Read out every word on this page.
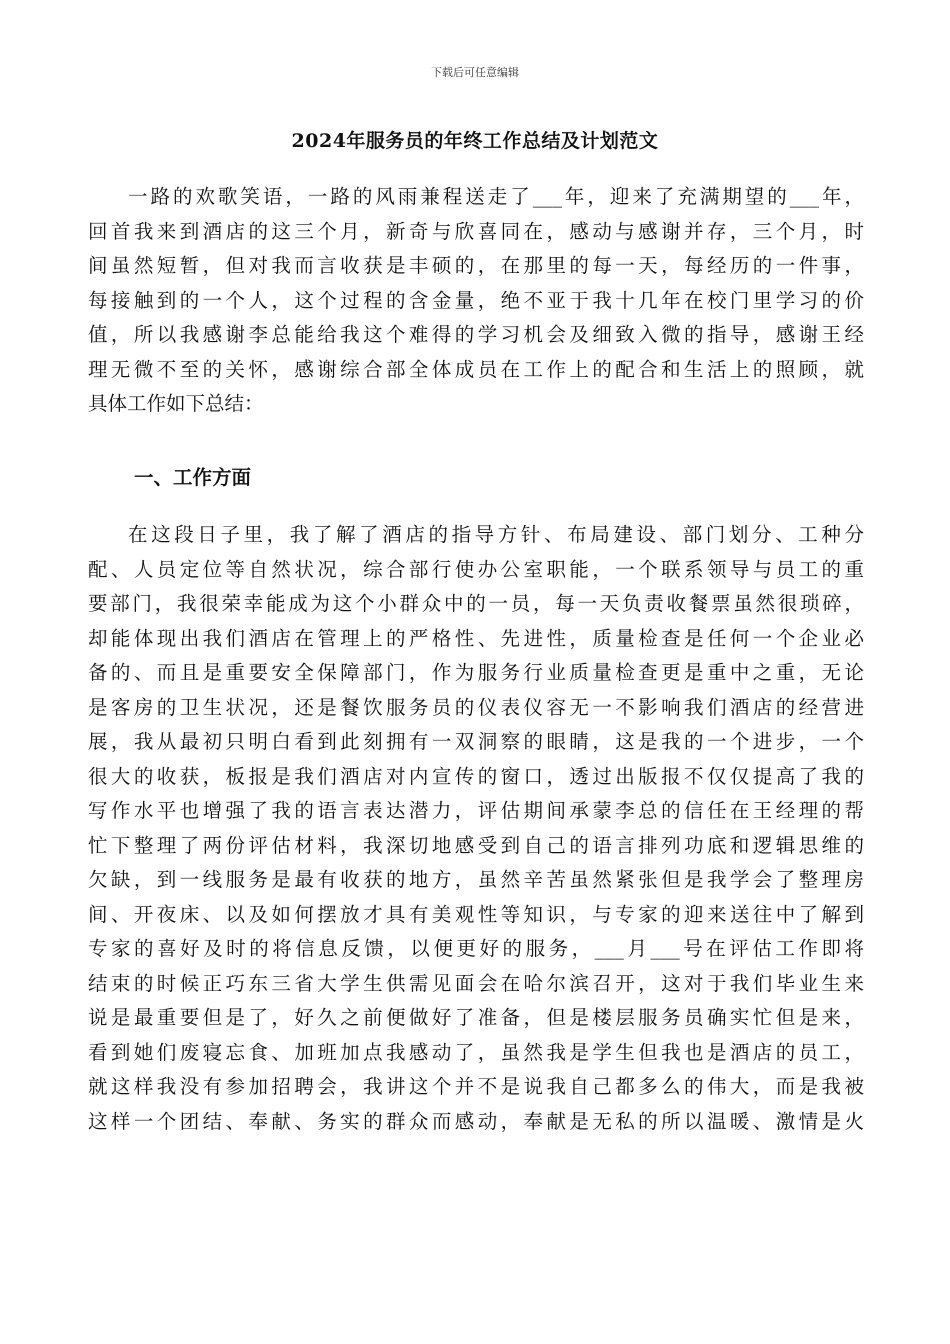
下载后可任意编辑
2024年服务员的年终工作总结及计划范文
一路的欢歌笑语，一路的风雨兼程送走了___年，迎来了充满期望的___年，
回首我来到酒店的这三个月，新奇与欣喜同在，感动与感谢并存，三个月，时
间虽然短暂，但对我而言收获是丰硕的，在那里的每一天，每经历的一件事，
每接触到的一个人，这个过程的含金量，绝不亚于我十几年在校门里学习的价
值，所以我感谢李总能给我这个难得的学习机会及细致入微的指导，感谢王经
理无微不至的关怀，感谢综合部全体成员在工作上的配合和生活上的照顾，就
具体工作如下总结：
一、工作方面
在这段日子里，我了解了酒店的指导方针、布局建设、部门划分、工种分
配、人员定位等自然状况，综合部行使办公室职能，一个联系领导与员工的重
要部门，我很荣幸能成为这个小群众中的一员，每一天负责收餐票虽然很琐碎，
却能体现出我们酒店在管理上的严格性、先进性，质量检查是任何一个企业必
备的、而且是重要安全保障部门，作为服务行业质量检查更是重中之重，无论
是客房的卫生状况，还是餐饮服务员的仪表仪容无一不影响我们酒店的经营进
展，我从最初只明白看到此刻拥有一双洞察的眼睛，这是我的一个进步，一个
很大的收获，板报是我们酒店对内宣传的窗口，透过出版报不仅仅提高了我的
写作水平也增强了我的语言表达潜力，评估期间承蒙李总的信任在王经理的帮
忙下整理了两份评估材料，我深切地感受到自己的语言排列功底和逻辑思维的
欠缺，到一线服务是最有收获的地方，虽然辛苦虽然紧张但是我学会了整理房
间、开夜床、以及如何摆放才具有美观性等知识，与专家的迎来送往中了解到
专家的喜好及时的将信息反馈，以便更好的服务，___月___号在评估工作即将
结束的时候正巧东三省大学生供需见面会在哈尔滨召开，这对于我们毕业生来
说是最重要但是了，好久之前便做好了准备，但是楼层服务员确实忙但是来，
看到她们废寝忘食、加班加点我感动了，虽然我是学生但我也是酒店的员工，
就这样我没有参加招聘会，我讲这个并不是说我自己都多么的伟大，而是我被
这样一个团结、奉献、务实的群众而感动，奉献是无私的所以温暖、激情是火
